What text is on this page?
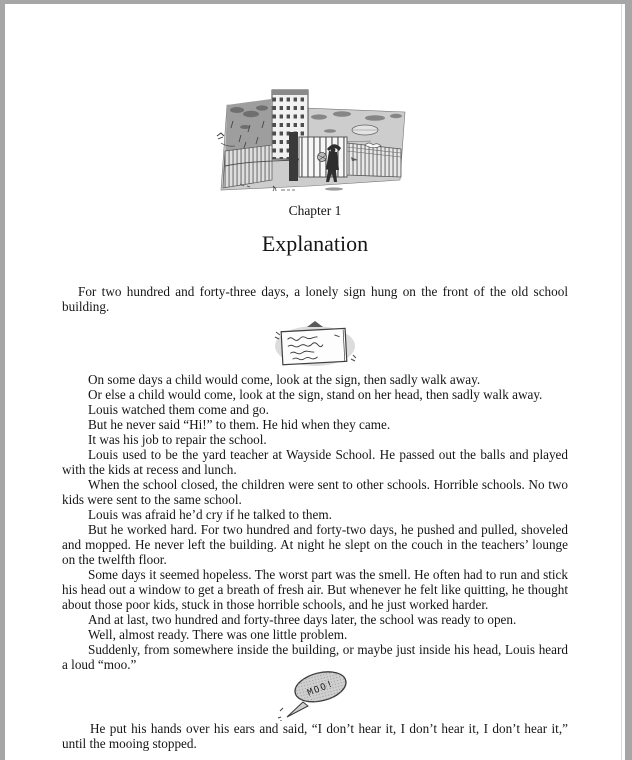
Chapter 1
Explanation

For two hundred and forty-three days, a lonely sign hung on the front of the old school building.

On some days a child would come, look at the sign, then sadly walk away.

Or else a child would come, look at the sign, stand on her head, then sadly walk away.

Louis watched them come and go.

But he never said “Hi!” to them. He hid when they came.

It was his job to repair the school.

Louis used to be the yard teacher at Wayside School. He passed out the balls and played with the kids at recess and lunch.

When the school closed, the children were sent to other schools. Horrible schools. No two kids were sent to the same school.

Louis was afraid he’d cry if he talked to them.

But he worked hard. For two hundred and forty-two days, he pushed and pulled, shoveled and mopped. He never left the building. At night he slept on the couch in the teachers’ lounge on the twelfth floor.

Some days it seemed hopeless. The worst part was the smell. He often had to run and stick his head out a window to get a breath of fresh air. But whenever he felt like quitting, he thought about those poor kids, stuck in those horrible schools, and he just worked harder.

And at last, two hundred and forty-three days later, the school was ready to open.

Well, almost ready. There was one little problem.

Suddenly, from somewhere inside the building, or maybe just inside his head, Louis heard a loud “moo.”

MOO!

He put his hands over his ears and said, “I don’t hear it, I don’t hear it, I don’t hear it,” until the mooing stopped.
